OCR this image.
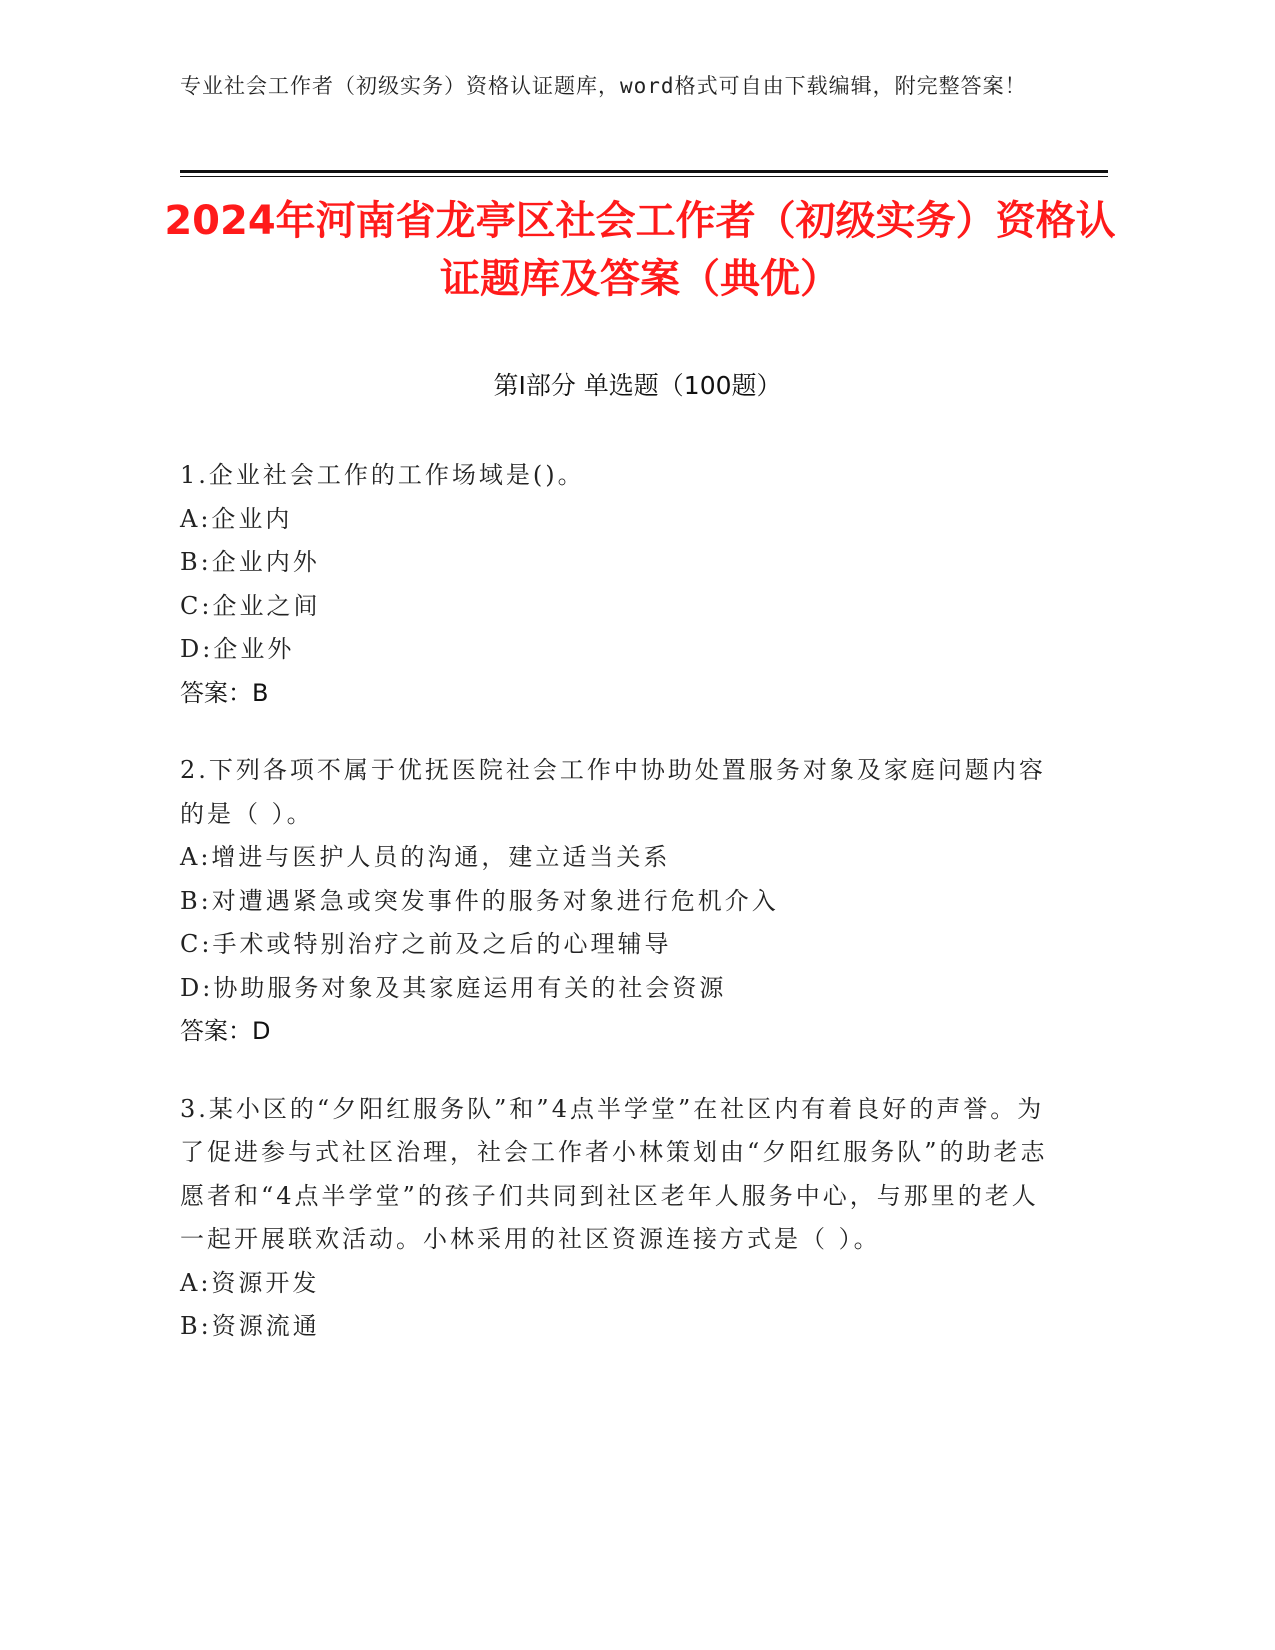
专业社会工作者（初级实务）资格认证题库，word格式可自由下载编辑，附完整答案！
2024年河南省龙亭区社会工作者（初级实务）资格认证题库及答案（典优）
第Ⅰ部分 单选题（100题）
1.企业社会工作的工作场域是()。
A:企业内
B:企业内外
C:企业之间
D:企业外
答案：B
2.下列各项不属于优抚医院社会工作中协助处置服务对象及家庭问题内容的是（ ）。
A:增进与医护人员的沟通，建立适当关系
B:对遭遇紧急或突发事件的服务对象进行危机介入
C:手术或特别治疗之前及之后的心理辅导
D:协助服务对象及其家庭运用有关的社会资源
答案：D
3.某小区的“夕阳红服务队”和”4点半学堂”在社区内有着良好的声誉。为了促进参与式社区治理，社会工作者小林策划由“夕阳红服务队”的助老志愿者和“4点半学堂”的孩子们共同到社区老年人服务中心，与那里的老人一起开展联欢活动。小林采用的社区资源连接方式是（ ）。
A:资源开发
B:资源流通
